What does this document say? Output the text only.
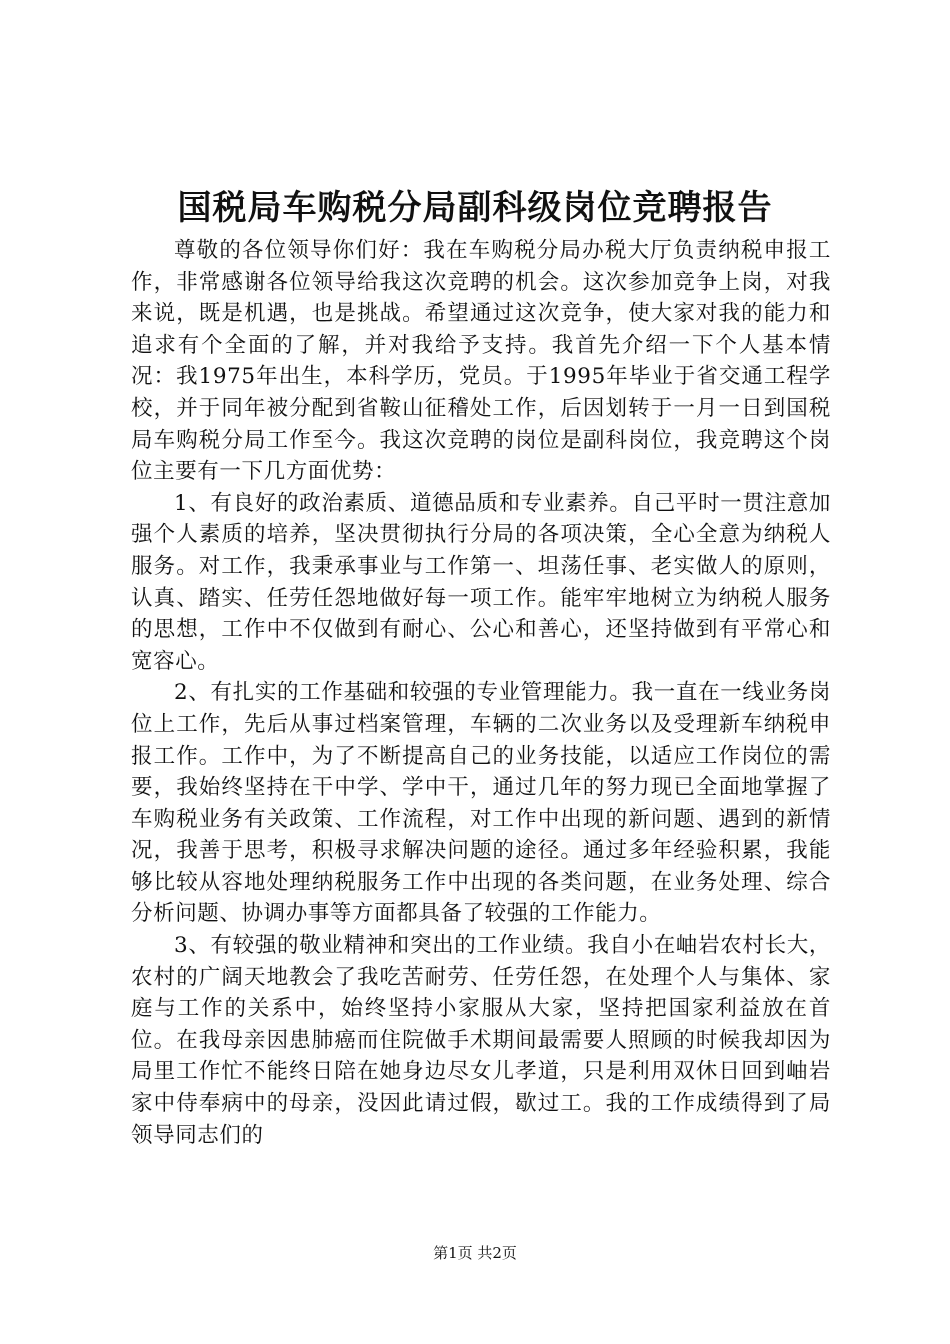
国税局车购税分局副科级岗位竞聘报告

尊敬的各位领导你们好：我在车购税分局办税大厅负责纳税申报工作，非常感谢各位领导给我这次竞聘的机会。这次参加竞争上岗，对我来说，既是机遇，也是挑战。希望通过这次竞争，使大家对我的能力和追求有个全面的了解，并对我给予支持。我首先介绍一下个人基本情况：我1975年出生，本科学历，党员。于1995年毕业于省交通工程学校，并于同年被分配到省鞍山征稽处工作，后因划转于一月一日到国税局车购税分局工作至今。我这次竞聘的岗位是副科岗位，我竞聘这个岗位主要有一下几方面优势：

1、有良好的政治素质、道德品质和专业素养。自己平时一贯注意加强个人素质的培养，坚决贯彻执行分局的各项决策，全心全意为纳税人服务。对工作，我秉承事业与工作第一、坦荡任事、老实做人的原则，认真、踏实、任劳任怨地做好每一项工作。能牢牢地树立为纳税人服务的思想，工作中不仅做到有耐心、公心和善心，还坚持做到有平常心和宽容心。

2、有扎实的工作基础和较强的专业管理能力。我一直在一线业务岗位上工作，先后从事过档案管理，车辆的二次业务以及受理新车纳税申报工作。工作中，为了不断提高自己的业务技能，以适应工作岗位的需要，我始终坚持在干中学、学中干，通过几年的努力现已全面地掌握了车购税业务有关政策、工作流程，对工作中出现的新问题、遇到的新情况，我善于思考，积极寻求解决问题的途径。通过多年经验积累，我能够比较从容地处理纳税服务工作中出现的各类问题，在业务处理、综合分析问题、协调办事等方面都具备了较强的工作能力。

3、有较强的敬业精神和突出的工作业绩。我自小在岫岩农村长大，农村的广阔天地教会了我吃苦耐劳、任劳任怨，在处理个人与集体、家庭与工作的关系中，始终坚持小家服从大家，坚持把国家利益放在首位。在我母亲因患肺癌而住院做手术期间最需要人照顾的时候我却因为局里工作忙不能终日陪在她身边尽女儿孝道，只是利用双休日回到岫岩家中侍奉病中的母亲，没因此请过假，歇过工。我的工作成绩得到了局领导同志们的

第1页 共2页
